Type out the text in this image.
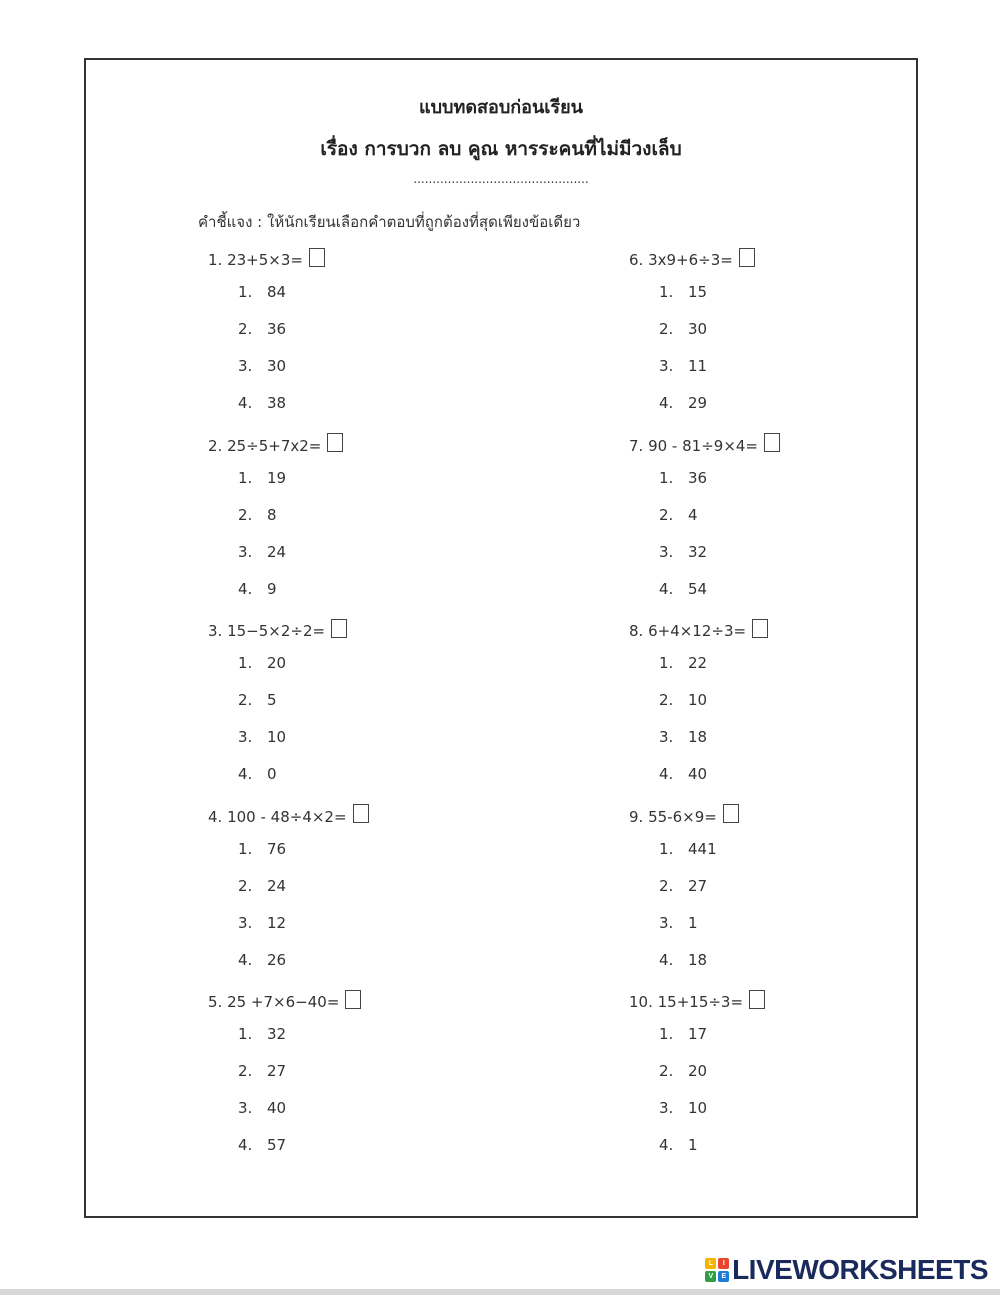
แบบทดสอบก่อนเรียน
เรื่อง การบวก ลบ คูณ หารระคนที่ไม่มีวงเล็บ
..............................................
คำชี้แจง : ให้นักเรียนเลือกคำตอบที่ถูกต้องที่สุดเพียงข้อเดียว
1. 23+5×3=
1. 84
2. 36
3. 30
4. 38
2. 25÷5+7x2=
1. 19
2. 8
3. 24
4. 9
3. 15−5×2÷2=
1. 20
2. 5
3. 10
4. 0
4. 100 - 48÷4×2=
1. 76
2. 24
3. 12
4. 26
5. 25 +7×6−40=
1. 32
2. 27
3. 40
4. 57
6. 3x9+6÷3=
1. 15
2. 30
3. 11
4. 29
7. 90 - 81÷9×4=
1. 36
2. 4
3. 32
4. 54
8. 6+4×12÷3=
1. 22
2. 10
3. 18
4. 40
9. 55-6×9=
1. 441
2. 27
3. 1
4. 18
10. 15+15÷3=
1. 17
2. 20
3. 10
4. 1
L	I
V	E LIVEWORKSHEETS
